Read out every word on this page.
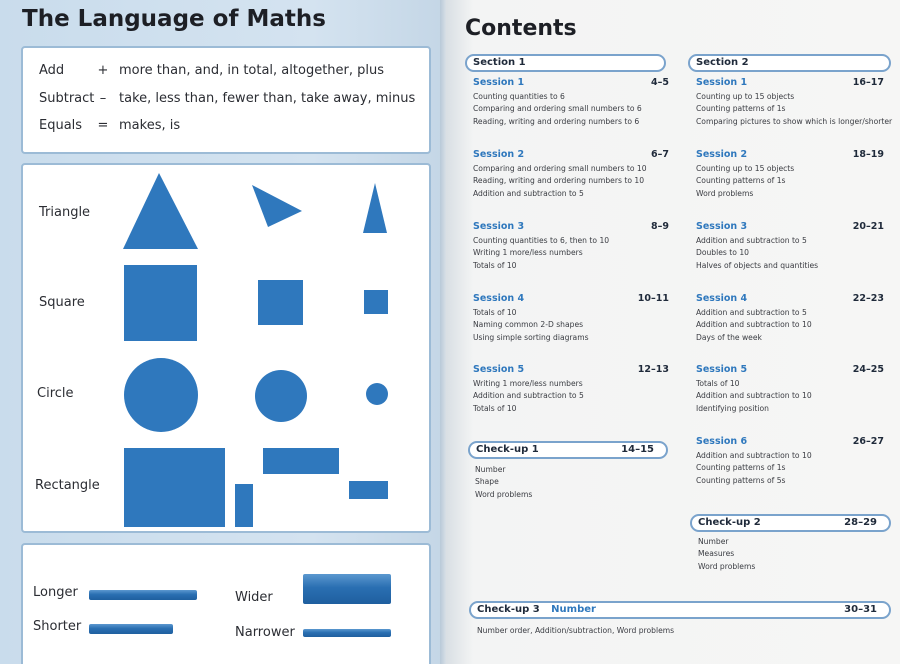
The Language of Maths
Add	+ more than, and, in total, altogether, plus
Subtract – take, less than, fewer than, take away, minus
Equals = makes, is
Triangle
Square
Circle
Rectangle
Longer
Shorter
Wider
Narrower
Contents
Section 1
Session 1	4–5
Counting quantities to 6
Comparing and ordering small numbers to 6
Reading, writing and ordering numbers to 6
Session 2	6–7
Comparing and ordering small numbers to 10
Reading, writing and ordering numbers to 10
Addition and subtraction to 5
Session 3	8–9
Counting quantities to 6, then to 10
Writing 1 more/less numbers
Totals of 10
Session 4	10–11
Totals of 10
Naming common 2-D shapes
Using simple sorting diagrams
Session 5	12–13
Writing 1 more/less numbers
Addition and subtraction to 5
Totals of 10
Check-up 1	14–15
Number
Shape
Word problems
Section 2
Session 1	16–17
Counting up to 15 objects
Counting patterns of 1s
Comparing pictures to show which is longer/shorter
Session 2	18–19
Counting up to 15 objects
Counting patterns of 1s
Word problems
Session 3	20–21
Addition and subtraction to 5
Doubles to 10
Halves of objects and quantities
Session 4	22–23
Addition and subtraction to 5
Addition and subtraction to 10
Days of the week
Session 5	24–25
Totals of 10
Addition and subtraction to 10
Identifying position
Session 6	26–27
Addition and subtraction to 10
Counting patterns of 1s
Counting patterns of 5s
Check-up 2	28–29
Number
Measures
Word problems
Check-up 3 Number	30–31
Number order, Addition/subtraction, Word problems
